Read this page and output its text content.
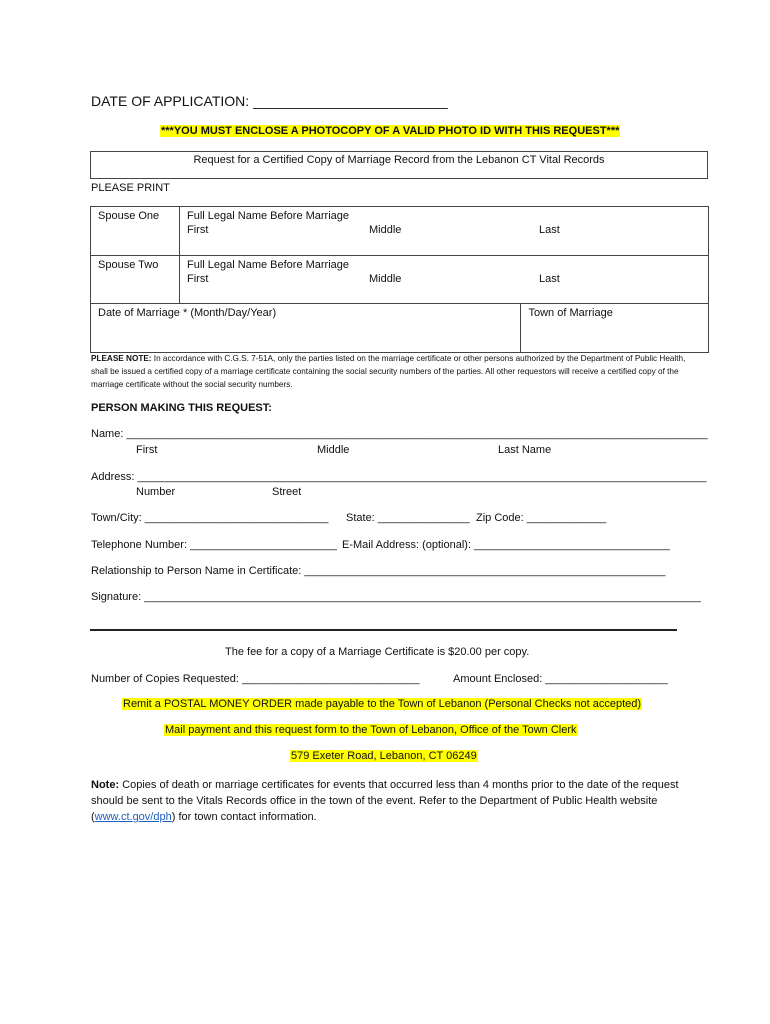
DATE OF APPLICATION: _________________________
***YOU MUST ENCLOSE A PHOTOCOPY OF A VALID PHOTO ID WITH THIS REQUEST***
Request for a Certified Copy of Marriage Record from the Lebanon CT Vital Records
PLEASE PRINT
Spouse One	Full Legal Name Before Marriage
First Middle Last	

Spouse Two	Full Legal Name Before Marriage
First Middle Last	

Date of Marriage * (Month/Day/Year)		Town of Marriage
PLEASE NOTE: In accordance with C.G.S. 7-51A, only the parties listed on the marriage certificate or other persons authorized by the Department of Public Health, shall be issued a certified copy of a marriage certificate containing the social security numbers of the parties. All other requestors will receive a certified copy of the marriage certificate without the social security numbers.
PERSON MAKING THIS REQUEST:
Name: _______________________________________________________________________________________________
First	Middle	Last Name
Address: _____________________________________________________________________________________________
Number	Street
Town/City: ______________________________ State: _______________ Zip Code: _____________
Telephone Number: ________________________ E-Mail Address: (optional): ________________________________
Relationship to Person Name in Certificate: ___________________________________________________________
Signature: ___________________________________________________________________________________________
The fee for a copy of a Marriage Certificate is $20.00 per copy.
Number of Copies Requested: _____________________________	Amount Enclosed: ____________________
Remit a POSTAL MONEY ORDER made payable to the Town of Lebanon (Personal Checks not accepted)
Mail payment and this request form to the Town of Lebanon, Office of the Town Clerk
579 Exeter Road, Lebanon, CT 06249
Note: Copies of death or marriage certificates for events that occurred less than 4 months prior to the date of the request should be sent to the Vitals Records office in the town of the event. Refer to the Department of Public Health website (www.ct.gov/dph) for town contact information.
